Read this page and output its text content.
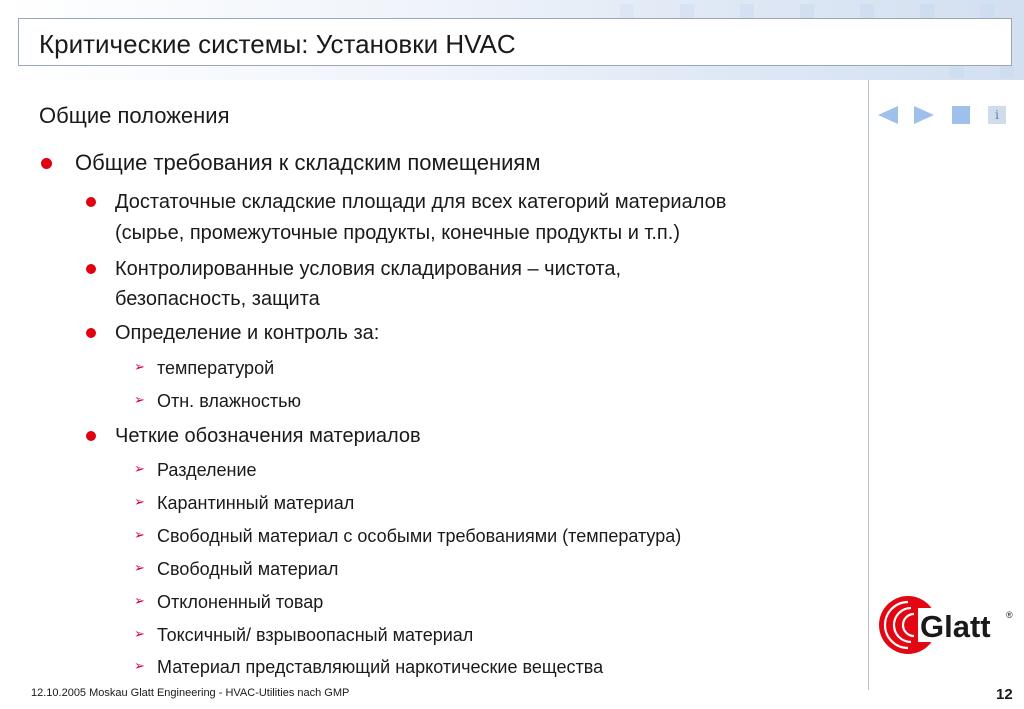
Критические системы: Установки HVAC
i
Общие положения
Общие требования к складским помещениям
Достаточные складские площади для всех категорий материалов
(сырье, промежуточные продукты, конечные продукты и т.п.)
Контролированные условия складирования – чистота,
безопасность, защита
Определение и контроль за:
➢ температурой
➢ Отн. влажностью
Четкие обозначения материалов
➢ Разделение
➢ Карантинный материал
➢ Свободный материал с особыми требованиями (температура)
➢ Свободный материал
➢ Отклоненный товар
➢ Токсичный/ взрывоопасный материал
➢ Материал представляющий наркотические вещества
Glatt ®
12.10.2005 Moskau Glatt Engineering - HVAC-Utilities nach GMP	12
